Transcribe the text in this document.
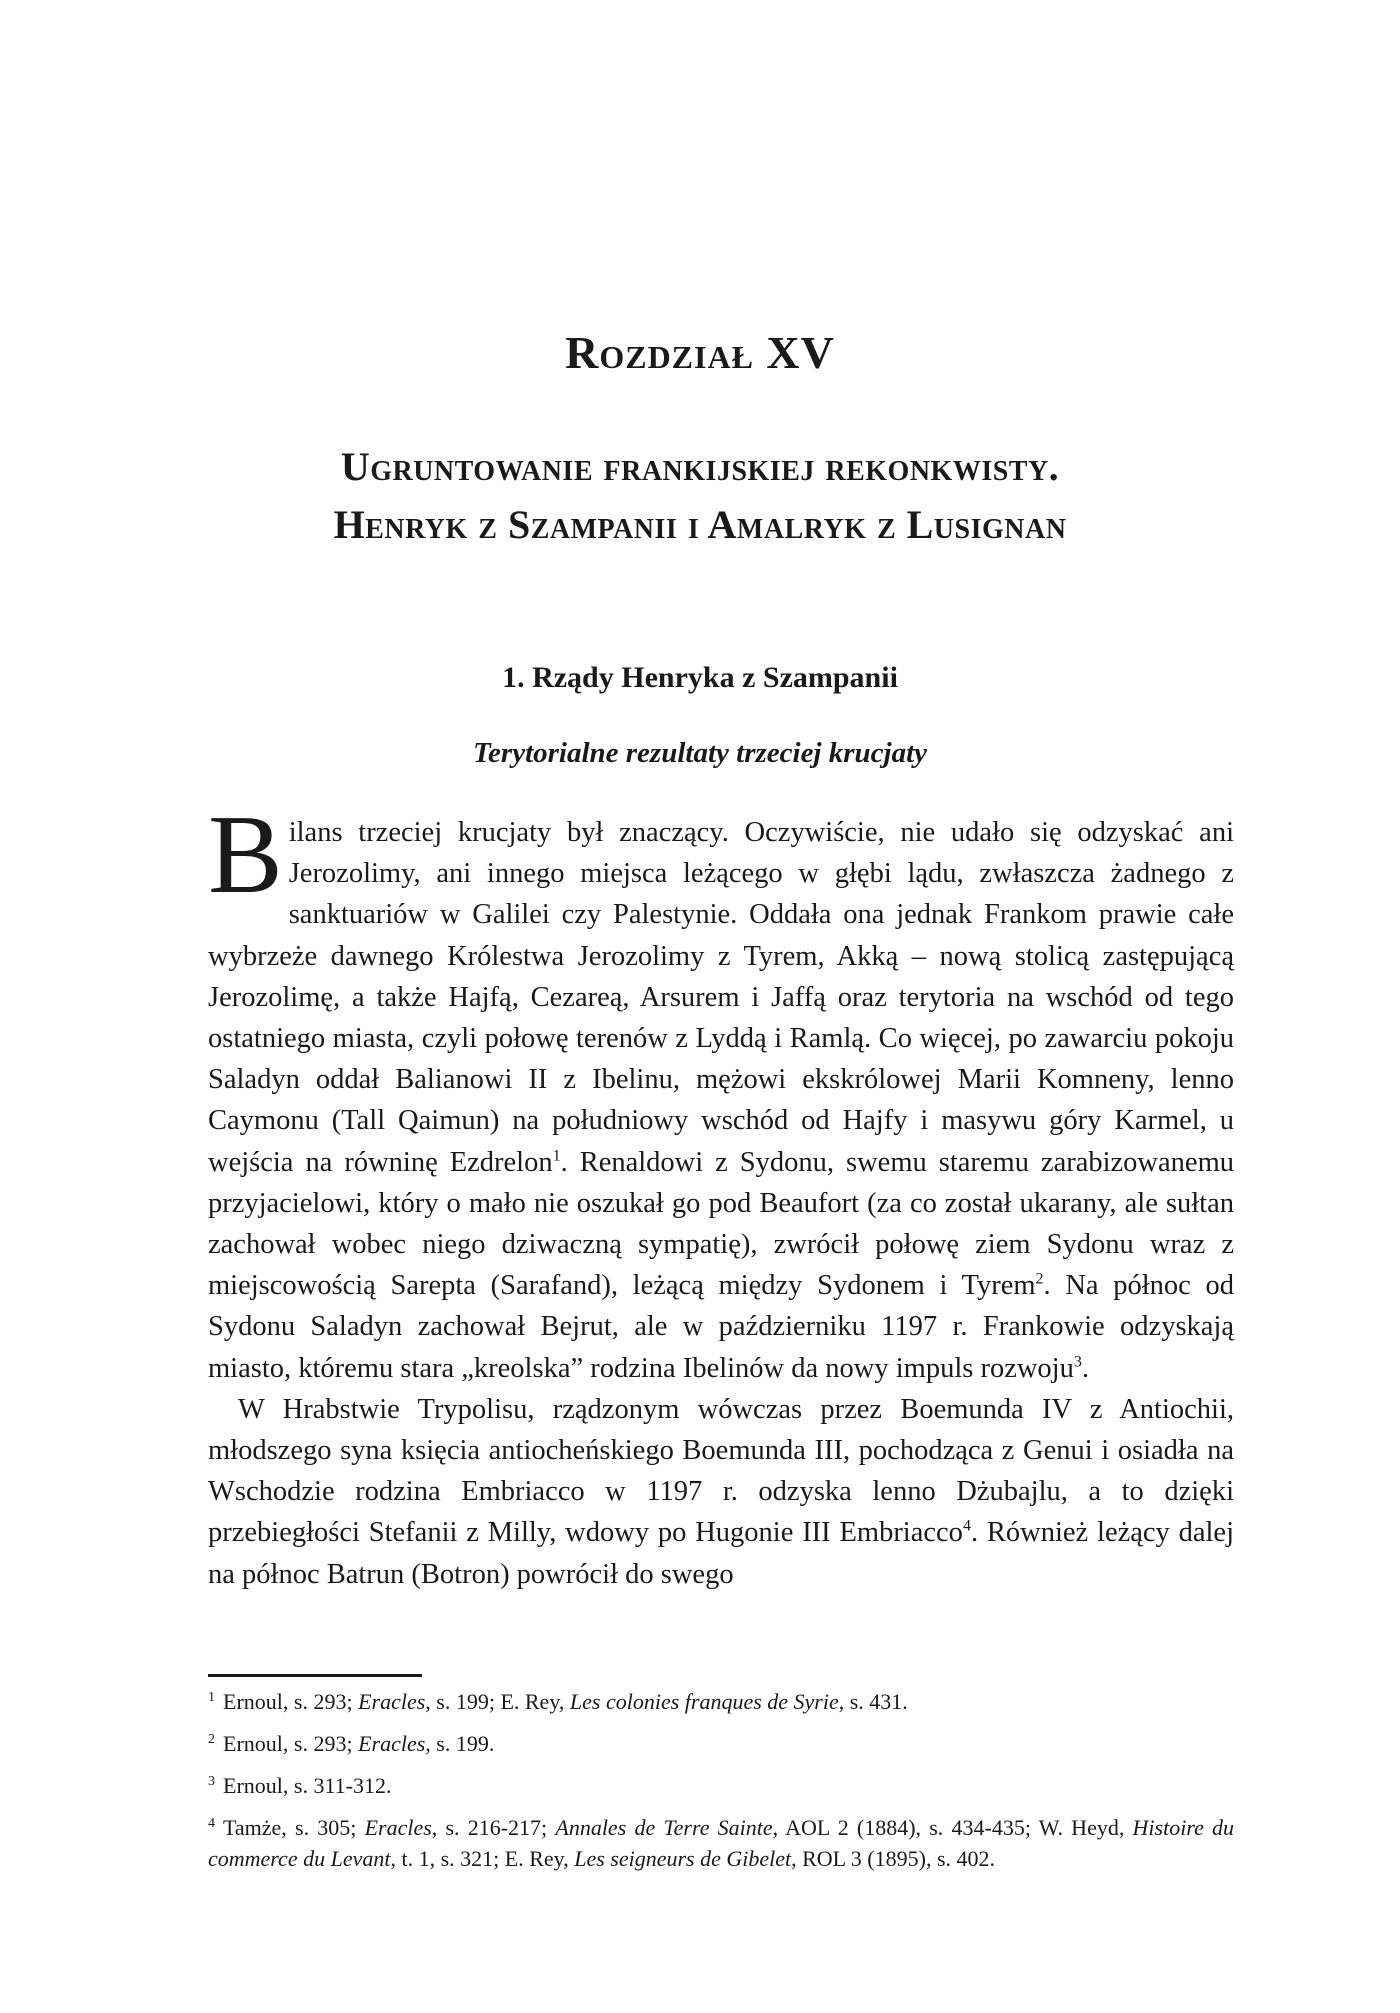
Rozdział XV
Ugruntowanie frankijskiej rekonkwisty.
Henryk z Szampanii i Amalryk z Lusignan
1. Rządy Henryka z Szampanii
Terytorialne rezultaty trzeciej krucjaty

Bilans trzeciej krucjaty był znaczący. Oczywiście, nie udało się odzyskać ani Jerozolimy, ani innego miejsca leżącego w głębi lądu, zwłaszcza żadnego z sanktuariów w Galilei czy Palestynie. Oddała ona jednak Frankom prawie całe wybrzeże dawnego Królestwa Jerozolimy z Tyrem, Akką – nową stolicą zastępującą Jerozolimę, a także Hajfą, Cezareą, Arsurem i Jaffą oraz terytoria na wschód od tego ostatniego miasta, czyli połowę terenów z Lyddą i Ramlą. Co więcej, po zawarciu pokoju Saladyn oddał Balianowi II z Ibelinu, mężowi ekskrólowej Marii Komneny, lenno Caymonu (Tall Qaimun) na południowy wschód od Hajfy i masywu góry Karmel, u wejścia na równinę Ezdrelon$^1$. Renaldowi z Sydonu, swemu staremu zarabizowanemu przyjacielowi, który o mało nie oszukał go pod Beaufort (za co został ukarany, ale sułtan zachował wobec niego dziwaczną sympatię), zwrócił połowę ziem Sydonu wraz z miejscowością Sarepta (Sarafand), leżącą między Sydonem i Tyrem$^2$. Na północ od Sydonu Saladyn zachował Bejrut, ale w październiku 1197 r. Frankowie odzyskają miasto, któremu stara „kreolska” rodzina Ibelinów da nowy impuls rozwoju$^3$.

W Hrabstwie Trypolisu, rządzonym wówczas przez Boemunda IV z Antiochii, młodszego syna księcia antiocheńskiego Boemunda III, pochodząca z Genui i osiadła na Wschodzie rodzina Embriacco w 1197 r. odzyska lenno Dżubajlu, a to dzięki przebiegłości Stefanii z Milly, wdowy po Hugonie III Embriacco$^4$. Również leżący dalej na północ Batrun (Botron) powrócił do swego

$^1$ Ernoul, s. 293; Eracles, s. 199; E. Rey, Les colonies franques de Syrie, s. 431.

$^2$ Ernoul, s. 293; Eracles, s. 199.

$^3$ Ernoul, s. 311-312.

$^4$ Tamże, s. 305; Eracles, s. 216-217; Annales de Terre Sainte, AOL 2 (1884), s. 434-435; W. Heyd, Histoire du commerce du Levant, t. 1, s. 321; E. Rey, Les seigneurs de Gibelet, ROL 3 (1895), s. 402.
